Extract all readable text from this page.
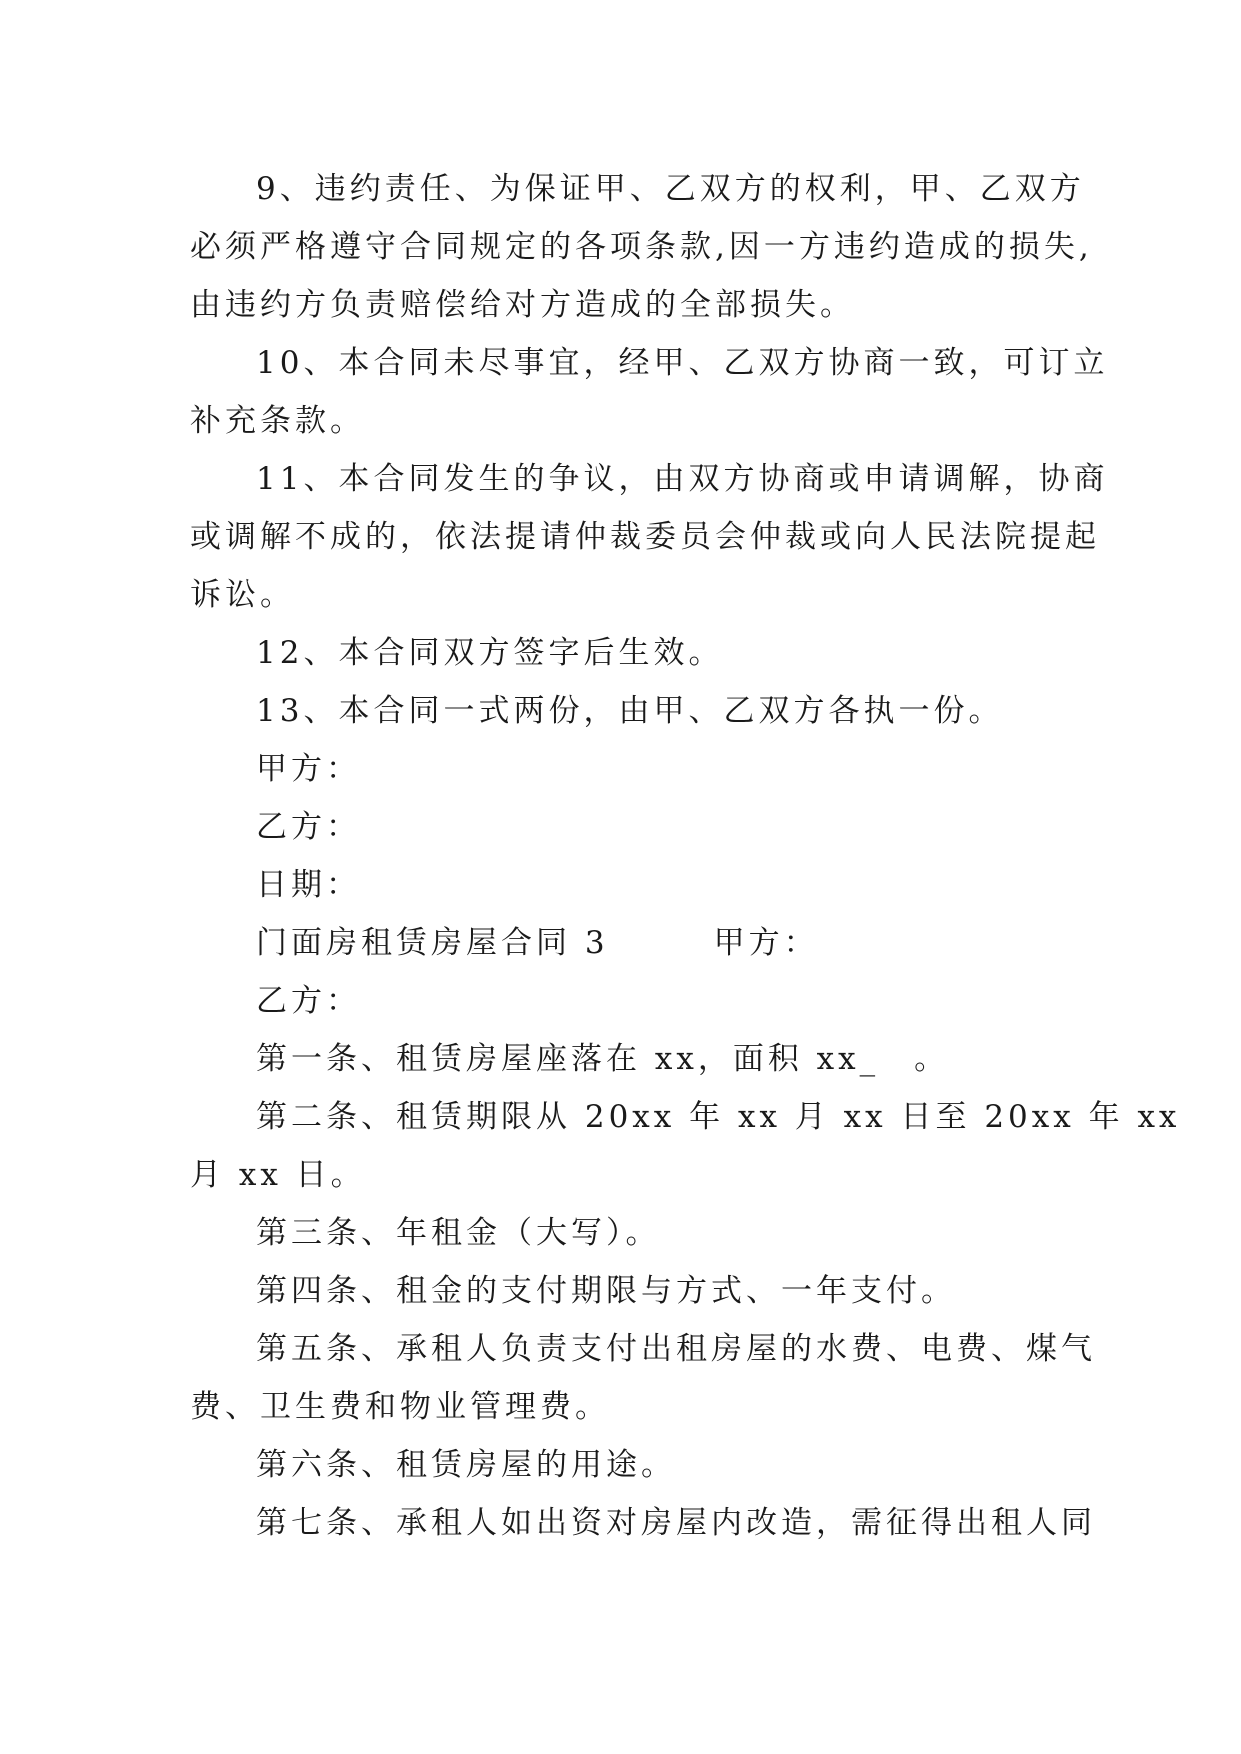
9、违约责任、为保证甲、乙双方的权利，甲、乙双方
必须严格遵守合同规定的各项条款,因一方违约造成的损失,
由违约方负责赔偿给对方造成的全部损失。
10、本合同未尽事宜，经甲、乙双方协商一致，可订立
补充条款。
11、本合同发生的争议，由双方协商或申请调解，协商
或调解不成的，依法提请仲裁委员会仲裁或向人民法院提起
诉讼。
12、本合同双方签字后生效。
13、本合同一式两份，由甲、乙双方各执一份。
甲方：
乙方：
日期：
门面房租赁房屋合同 3　　　甲方：
乙方：
第一条、租赁房屋座落在 xx，面积 xx_　。
第二条、租赁期限从 20xx 年 xx 月 xx 日至 20xx 年 xx
月 xx 日。
第三条、年租金（大写）。
第四条、租金的支付期限与方式、一年支付。
第五条、承租人负责支付出租房屋的水费、电费、煤气
费、卫生费和物业管理费。
第六条、租赁房屋的用途。
第七条、承租人如出资对房屋内改造，需征得出租人同
